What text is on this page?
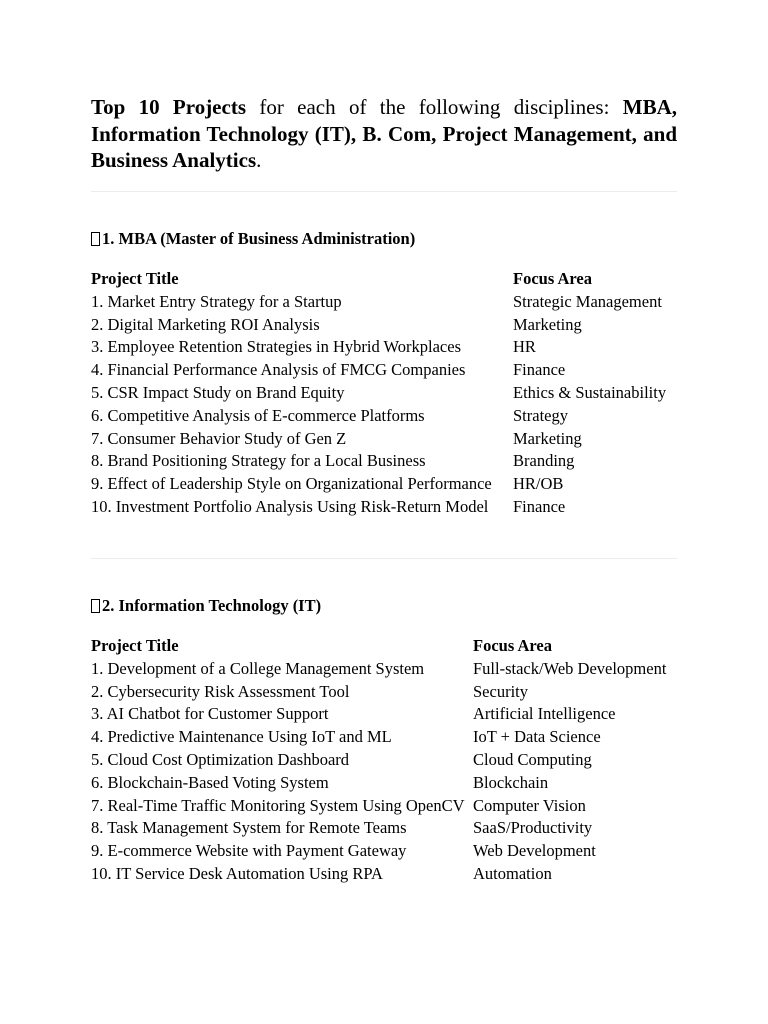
Top 10 Projects for each of the following disciplines: MBA, Information Technology (IT), B. Com, Project Management, and Business Analytics.

1. MBA (Master of Business Administration)
Project Title	Focus Area
1. Market Entry Strategy for a Startup	Strategic Management
2. Digital Marketing ROI Analysis	Marketing
3. Employee Retention Strategies in Hybrid Workplaces	HR
4. Financial Performance Analysis of FMCG Companies	Finance
5. CSR Impact Study on Brand Equity	Ethics & Sustainability
6. Competitive Analysis of E-commerce Platforms	Strategy
7. Consumer Behavior Study of Gen Z	Marketing
8. Brand Positioning Strategy for a Local Business	Branding
9. Effect of Leadership Style on Organizational Performance	HR/OB
10. Investment Portfolio Analysis Using Risk-Return Model	Finance
2. Information Technology (IT)
Project Title	Focus Area
1. Development of a College Management System	Full-stack/Web Development
2. Cybersecurity Risk Assessment Tool	Security
3. AI Chatbot for Customer Support	Artificial Intelligence
4. Predictive Maintenance Using IoT and ML	IoT + Data Science
5. Cloud Cost Optimization Dashboard	Cloud Computing
6. Blockchain-Based Voting System	Blockchain
7. Real-Time Traffic Monitoring System Using OpenCV	Computer Vision
8. Task Management System for Remote Teams	SaaS/Productivity
9. E-commerce Website with Payment Gateway	Web Development
10. IT Service Desk Automation Using RPA	Automation
